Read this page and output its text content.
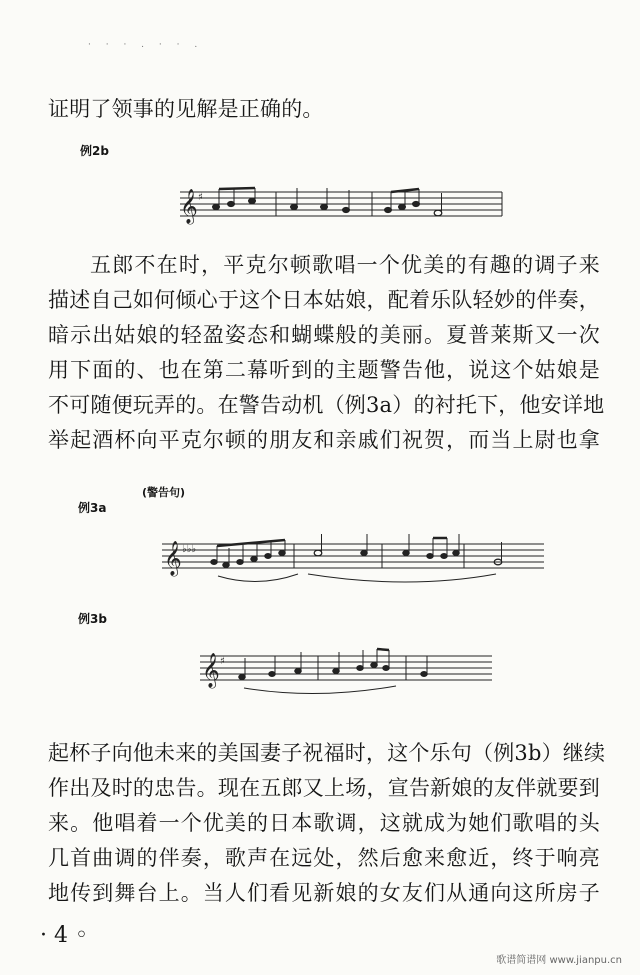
· · · . · · .
证明了领事的见解是正确的。
例2b
𝄞 ♯
五郎不在时，平克尔顿歌唱一个优美的有趣的调子来
描述自己如何倾心于这个日本姑娘，配着乐队轻妙的伴奏，
暗示出姑娘的轻盈姿态和蝴蝶般的美丽。夏普莱斯又一次
用下面的、也在第二幕听到的主题警告他，说这个姑娘是
不可随便玩弄的。在警告动机（例3a）的衬托下，他安详地
举起酒杯向平克尔顿的朋友和亲戚们祝贺，而当上尉也拿
(警告句)
例3a
𝄞 ♭♭♭
例3b
𝄞 ♯
起杯子向他未来的美国妻子祝福时，这个乐句（例3b）继续
作出及时的忠告。现在五郎又上场，宣告新娘的友伴就要到
来。他唱着一个优美的日本歌调，这就成为她们歌唱的头
几首曲调的伴奏，歌声在远处，然后愈来愈近，终于响亮
地传到舞台上。当人们看见新娘的女友们从通向这所房子
· 4 ◦
歌谱简谱网 www.jianpu.cn
